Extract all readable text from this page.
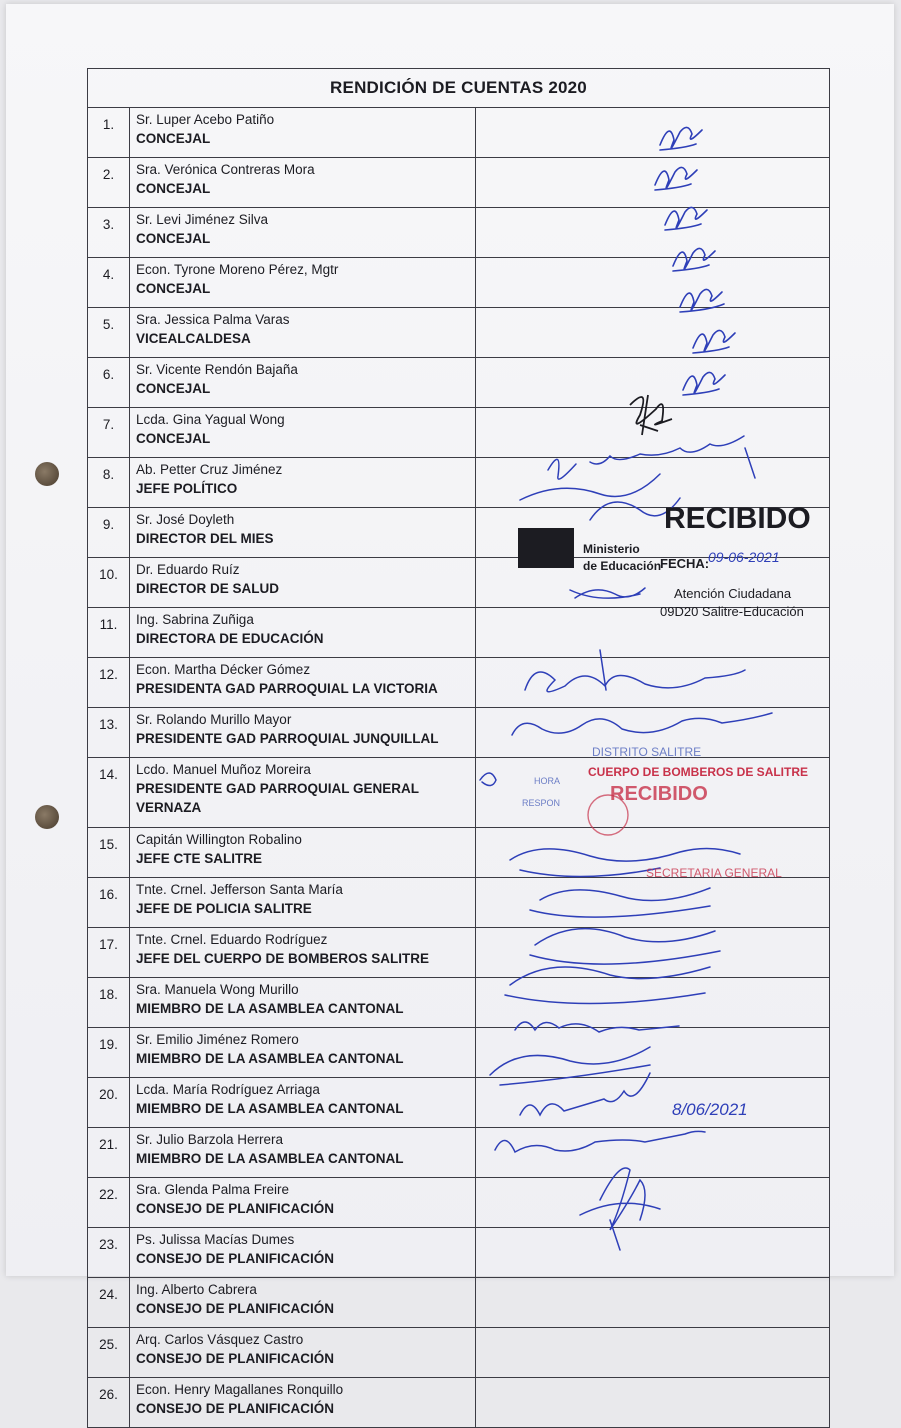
RENDICIÓN DE CUENTAS 2020		
1.	Sr. Luper Acebo Patiño
CONCEJAL	

2.	Sra. Verónica Contreras Mora
CONCEJAL	

3.	Sr. Levi Jiménez Silva
CONCEJAL	

4.	Econ. Tyrone Moreno Pérez, Mgtr
CONCEJAL	

5.	Sra. Jessica Palma Varas
VICEALCALDESA	

6.	Sr. Vicente Rendón Bajaña
CONCEJAL	

7.	Lcda. Gina Yagual Wong
CONCEJAL	

8.	Ab. Petter Cruz Jiménez
JEFE POLÍTICO	

9.	Sr. José Doyleth
DIRECTOR DEL MIES	

10.	Dr. Eduardo Ruíz
DIRECTOR DE SALUD	

11.	Ing. Sabrina Zuñiga
DIRECTORA DE EDUCACIÓN	

12.	Econ. Martha Décker Gómez
PRESIDENTA GAD PARROQUIAL LA VICTORIA	

13.	Sr. Rolando Murillo Mayor
PRESIDENTE GAD PARROQUIAL JUNQUILLAL	

14.	Lcdo. Manuel Muñoz Moreira
PRESIDENTE GAD PARROQUIAL GENERAL VERNAZA	

15.	Capitán Willington Robalino
JEFE CTE SALITRE	

16.	Tnte. Crnel. Jefferson Santa María
JEFE DE POLICIA SALITRE	

17.	Tnte. Crnel. Eduardo Rodríguez
JEFE DEL CUERPO DE BOMBEROS SALITRE	

18.	Sra. Manuela Wong Murillo
MIEMBRO DE LA ASAMBLEA CANTONAL	

19.	Sr. Emilio Jiménez Romero
MIEMBRO DE LA ASAMBLEA CANTONAL	

20.	Lcda. María Rodríguez Arriaga
MIEMBRO DE LA ASAMBLEA CANTONAL	

21.	Sr. Julio Barzola Herrera
MIEMBRO DE LA ASAMBLEA CANTONAL	

22.	Sra. Glenda Palma Freire
CONSEJO DE PLANIFICACIÓN	

23.	Ps. Julissa Macías Dumes
CONSEJO DE PLANIFICACIÓN	

24.	Ing. Alberto Cabrera
CONSEJO DE PLANIFICACIÓN	

25.	Arq. Carlos Vásquez Castro
CONSEJO DE PLANIFICACIÓN	

26.	Econ. Henry Magallanes Ronquillo
CONSEJO DE PLANIFICACIÓN	

RECIBIDO
Ministerio
de Educación
FECHA:
09-06-2021
Atención Ciudadana
09D20 Salitre-Educación
DISTRITO SALITRE
HORA
RESPON
CUERPO DE BOMBEROS DE SALITRE
RECIBIDO
SECRETARIA GENERAL
8/06/2021
